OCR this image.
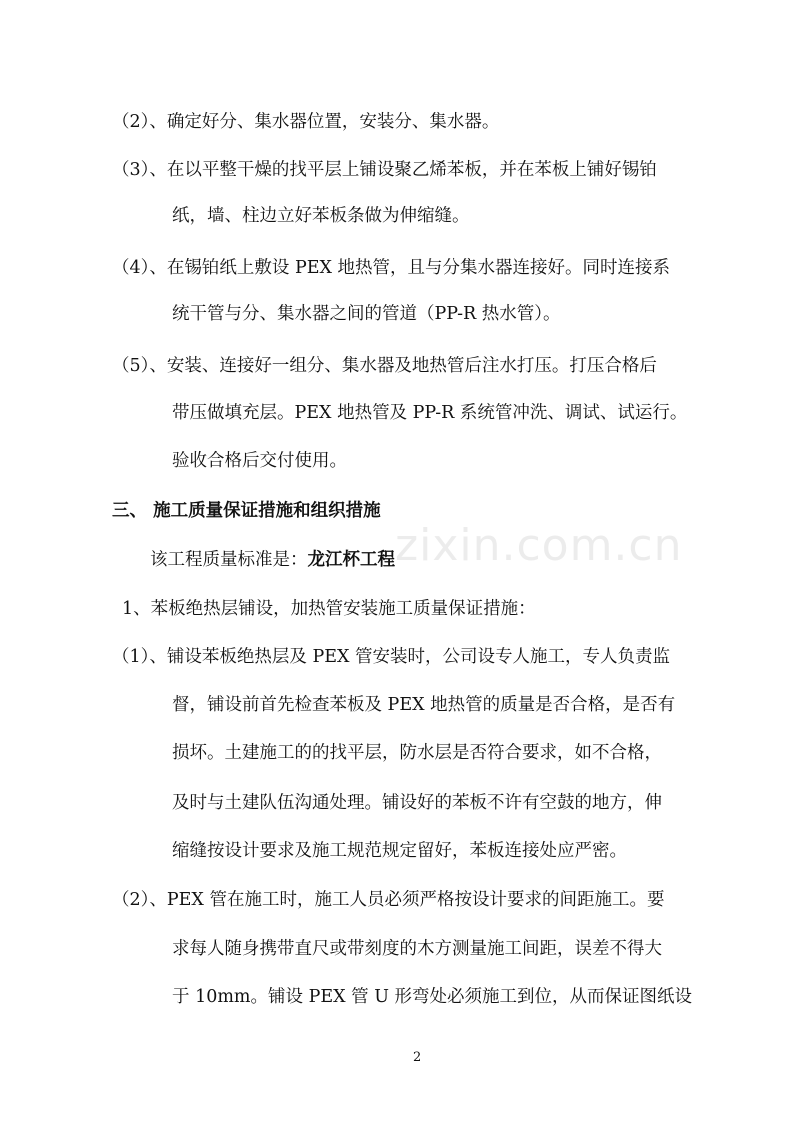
（2）、确定好分、集水器位置，安装分、集水器。
（3）、在以平整干燥的找平层上铺设聚乙烯苯板，并在苯板上铺好锡铂
纸，墙、柱边立好苯板条做为伸缩缝。
（4）、在锡铂纸上敷设 PEX 地热管，且与分集水器连接好。同时连接系
统干管与分、集水器之间的管道（PP-R 热水管）。
（5）、安装、连接好一组分、集水器及地热管后注水打压。打压合格后
带压做填充层。PEX 地热管及 PP-R 系统管冲洗、调试、试运行。
验收合格后交付使用。
三、 施工质量保证措施和组织措施
该工程质量标准是：龙江杯工程
1、苯板绝热层铺设，加热管安装施工质量保证措施：
（1）、铺设苯板绝热层及 PEX 管安装时，公司设专人施工，专人负责监
督，铺设前首先检查苯板及 PEX 地热管的质量是否合格，是否有
损坏。土建施工的的找平层，防水层是否符合要求，如不合格，
及时与土建队伍沟通处理。铺设好的苯板不许有空鼓的地方，伸
缩缝按设计要求及施工规范规定留好，苯板连接处应严密。
（2）、PEX 管在施工时，施工人员必须严格按设计要求的间距施工。要
求每人随身携带直尺或带刻度的木方测量施工间距，误差不得大
于 10mm。铺设 PEX 管 U 形弯处必须施工到位，从而保证图纸设
zixin.com.cn
2
